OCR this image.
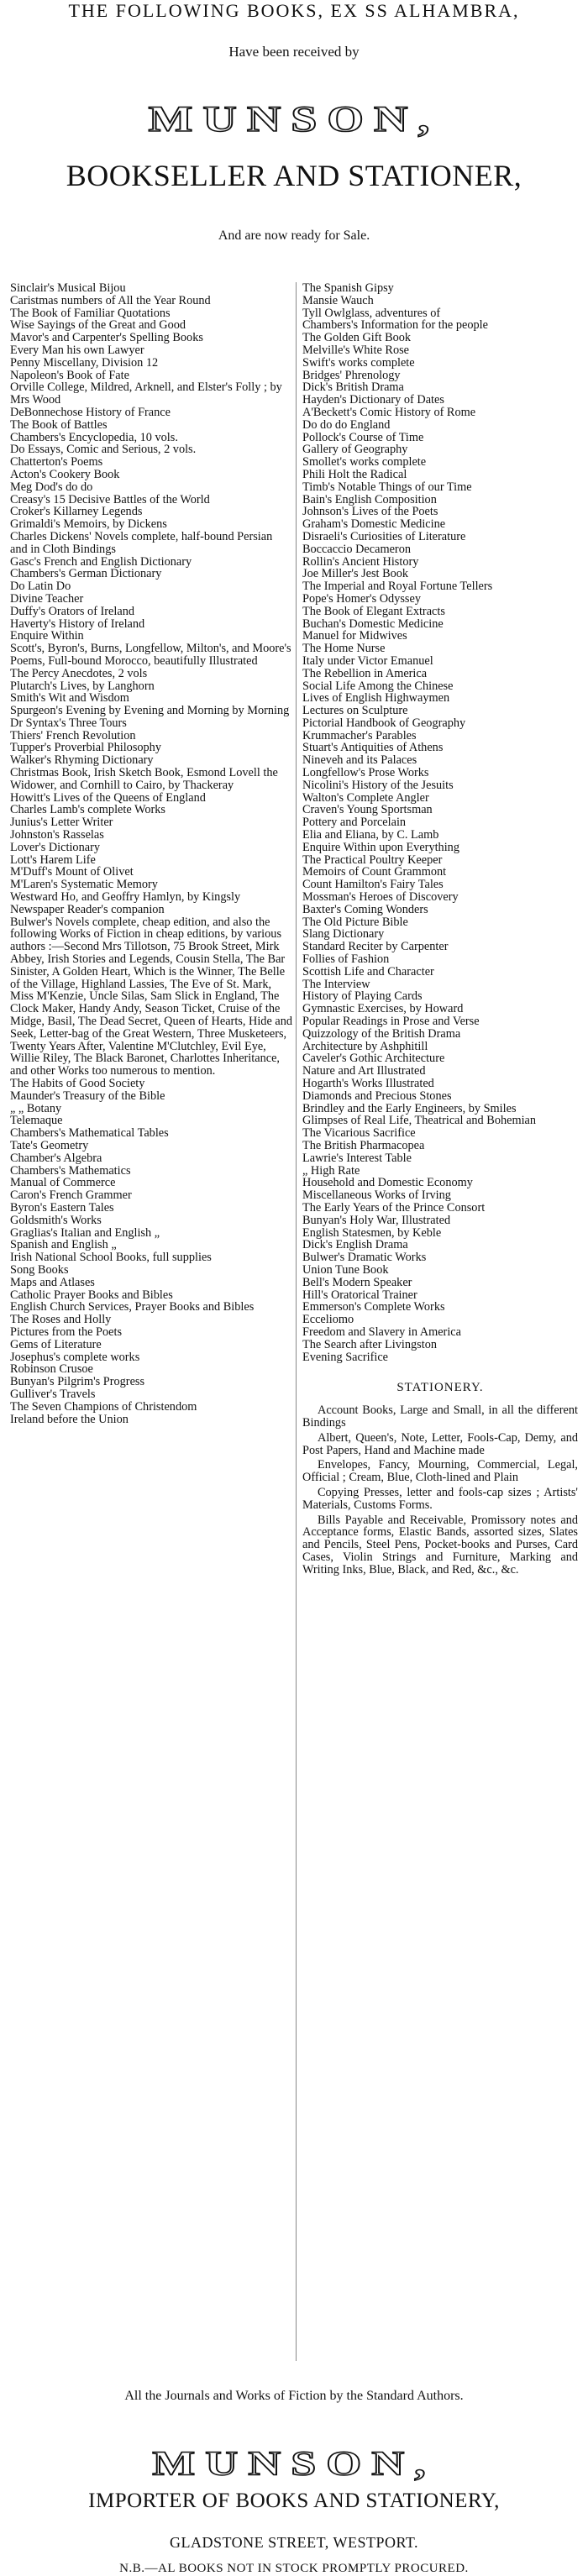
THE FOLLOWING BOOKS, EX SS ALHAMBRA,
Have been received by
MUNSON,
BOOKSELLER AND STATIONER,
And are now ready for Sale.
Sinclair's Musical Bijou
Caristmas numbers of All the Year Round
The Book of Familiar Quotations
Wise Sayings of the Great and Good
Mavor's and Carpenter's Spelling Books
Every Man his own Lawyer
Penny Miscellany, Division 12
Napoleon's Book of Fate
Orville College, Mildred, Arknell, and Elster's Folly ; by Mrs Wood
DeBonnechose History of France
The Book of Battles
Chambers's Encyclopedia, 10 vols.
Do Essays, Comic and Serious, 2 vols.
Chatterton's Poems
Acton's Cookery Book
Meg Dod's do do
Creasy's 15 Decisive Battles of the World
Croker's Killarney Legends
Grimaldi's Memoirs, by Dickens
Charles Dickens' Novels complete, half-bound Persian and in Cloth Bindings
Gasc's French and English Dictionary
Chambers's German Dictionary
Do Latin Do
Divine Teacher
Duffy's Orators of Ireland
Haverty's History of Ireland
Enquire Within
Scott's, Byron's, Burns, Longfellow, Milton's, and Moore's Poems, Full-bound Morocco, beautifully Illustrated
The Percy Anecdotes, 2 vols
Plutarch's Lives, by Langhorn
Smith's Wit and Wisdom
Spurgeon's Evening by Evening and Morning by Morning
Dr Syntax's Three Tours
Thiers' French Revolution
Tupper's Proverbial Philosophy
Walker's Rhyming Dictionary
Christmas Book, Irish Sketch Book, Esmond Lovell the Widower, and Cornhill to Cairo, by Thackeray
Howitt's Lives of the Queens of England
Charles Lamb's complete Works
Junius's Letter Writer
Johnston's Rasselas
Lover's Dictionary
Lott's Harem Life
M'Duff's Mount of Olivet
M'Laren's Systematic Memory
Westward Ho, and Geoffry Hamlyn, by Kingsly
Newspaper Reader's companion
Bulwer's Novels complete, cheap edition, and also the following Works of Fiction in cheap editions, by various authors :—Second Mrs Tillotson, 75 Brook Street, Mirk Abbey, Irish Stories and Legends, Cousin Stella, The Bar Sinister, A Golden Heart, Which is the Winner, The Belle of the Village, Highland Lassies, The Eve of St. Mark, Miss M'Kenzie, Uncle Silas, Sam Slick in England, The Clock Maker, Handy Andy, Season Ticket, Cruise of the Midge, Basil, The Dead Secret, Queen of Hearts, Hide and Seek, Letter-bag of the Great Western, Three Musketeers, Twenty Years After, Valentine M'Clutchley, Evil Eye, Willie Riley, The Black Baronet, Charlottes Inheritance, and other Works too numerous to mention.
The Habits of Good Society
Maunder's Treasury of the Bible
„ „ Botany
Telemaque
Chambers's Mathematical Tables
Tate's Geometry
Chamber's Algebra
Chambers's Mathematics
Manual of Commerce
Caron's French Grammer
Byron's Eastern Tales
Goldsmith's Works
Graglias's Italian and English „
Spanish and English „
Irish National School Books, full supplies
Song Books
Maps and Atlases
Catholic Prayer Books and Bibles
English Church Services, Prayer Books and Bibles
The Roses and Holly
Pictures from the Poets
Gems of Literature
Josephus's complete works
Robinson Crusoe
Bunyan's Pilgrim's Progress
Gulliver's Travels
The Seven Champions of Christendom
Ireland before the Union
The Spanish Gipsy
Mansie Wauch
Tyll Owlglass, adventures of
Chambers's Information for the people
The Golden Gift Book
Melville's White Rose
Swift's works complete
Bridges' Phrenology
Dick's British Drama
Hayden's Dictionary of Dates
A'Beckett's Comic History of Rome
Do do do England
Pollock's Course of Time
Gallery of Geography
Smollet's works complete
Phili Holt the Radical
Timb's Notable Things of our Time
Bain's English Composition
Johnson's Lives of the Poets
Graham's Domestic Medicine
Disraeli's Curiosities of Literature
Boccaccio Decameron
Rollin's Ancient History
Joe Miller's Jest Book
The Imperial and Royal Fortune Tellers
Pope's Homer's Odyssey
The Book of Elegant Extracts
Buchan's Domestic Medicine
Manuel for Midwives
The Home Nurse
Italy under Victor Emanuel
The Rebellion in America
Social Life Among the Chinese
Lives of English Highwaymen
Lectures on Sculpture
Pictorial Handbook of Geography
Krummacher's Parables
Stuart's Antiquities of Athens
Nineveh and its Palaces
Longfellow's Prose Works
Nicolini's History of the Jesuits
Walton's Complete Angler
Craven's Young Sportsman
Pottery and Porcelain
Elia and Eliana, by C. Lamb
Enquire Within upon Everything
The Practical Poultry Keeper
Memoirs of Count Grammont
Count Hamilton's Fairy Tales
Mossman's Heroes of Discovery
Baxter's Coming Wonders
The Old Picture Bible
Slang Dictionary
Standard Reciter by Carpenter
Follies of Fashion
Scottish Life and Character
The Interview
History of Playing Cards
Gymnastic Exercises, by Howard
Popular Readings in Prose and Verse
Quizzology of the British Drama
Architecture by Ashphitill
Caveler's Gothic Architecture
Nature and Art Illustrated
Hogarth's Works Illustrated
Diamonds and Precious Stones
Brindley and the Early Engineers, by Smiles
Glimpses of Real Life, Theatrical and Bohemian
The Vicarious Sacrifice
The British Pharmacopea
Lawrie's Interest Table
„ High Rate
Household and Domestic Economy
Miscellaneous Works of Irving
The Early Years of the Prince Consort
Bunyan's Holy War, Illustrated
English Statesmen, by Keble
Dick's English Drama
Bulwer's Dramatic Works
Union Tune Book
Bell's Modern Speaker
Hill's Oratorical Trainer
Emmerson's Complete Works
Ecceliomo
Freedom and Slavery in America
The Search after Livingston
Evening Sacrifice
STATIONERY.
Account Books, Large and Small, in all the different Bindings
Albert, Queen's, Note, Letter, Fools-Cap, Demy, and Post Papers, Hand and Machine made
Envelopes, Fancy, Mourning, Commercial, Legal, Official ; Cream, Blue, Cloth-lined and Plain
Copying Presses, letter and fools-cap sizes ; Artists' Materials, Customs Forms.
Bills Payable and Receivable, Promissory notes and Acceptance forms, Elastic Bands, assorted sizes, Slates and Pencils, Steel Pens, Pocket-books and Purses, Card Cases, Violin Strings and Furniture, Marking and Writing Inks, Blue, Black, and Red, &c., &c.
All the Journals and Works of Fiction by the Standard Authors.
MUNSON,
IMPORTER OF BOOKS AND STATIONERY,
GLADSTONE STREET, WESTPORT.
N.B.—AL BOOKS NOT IN STOCK PROMPTLY PROCURED.
